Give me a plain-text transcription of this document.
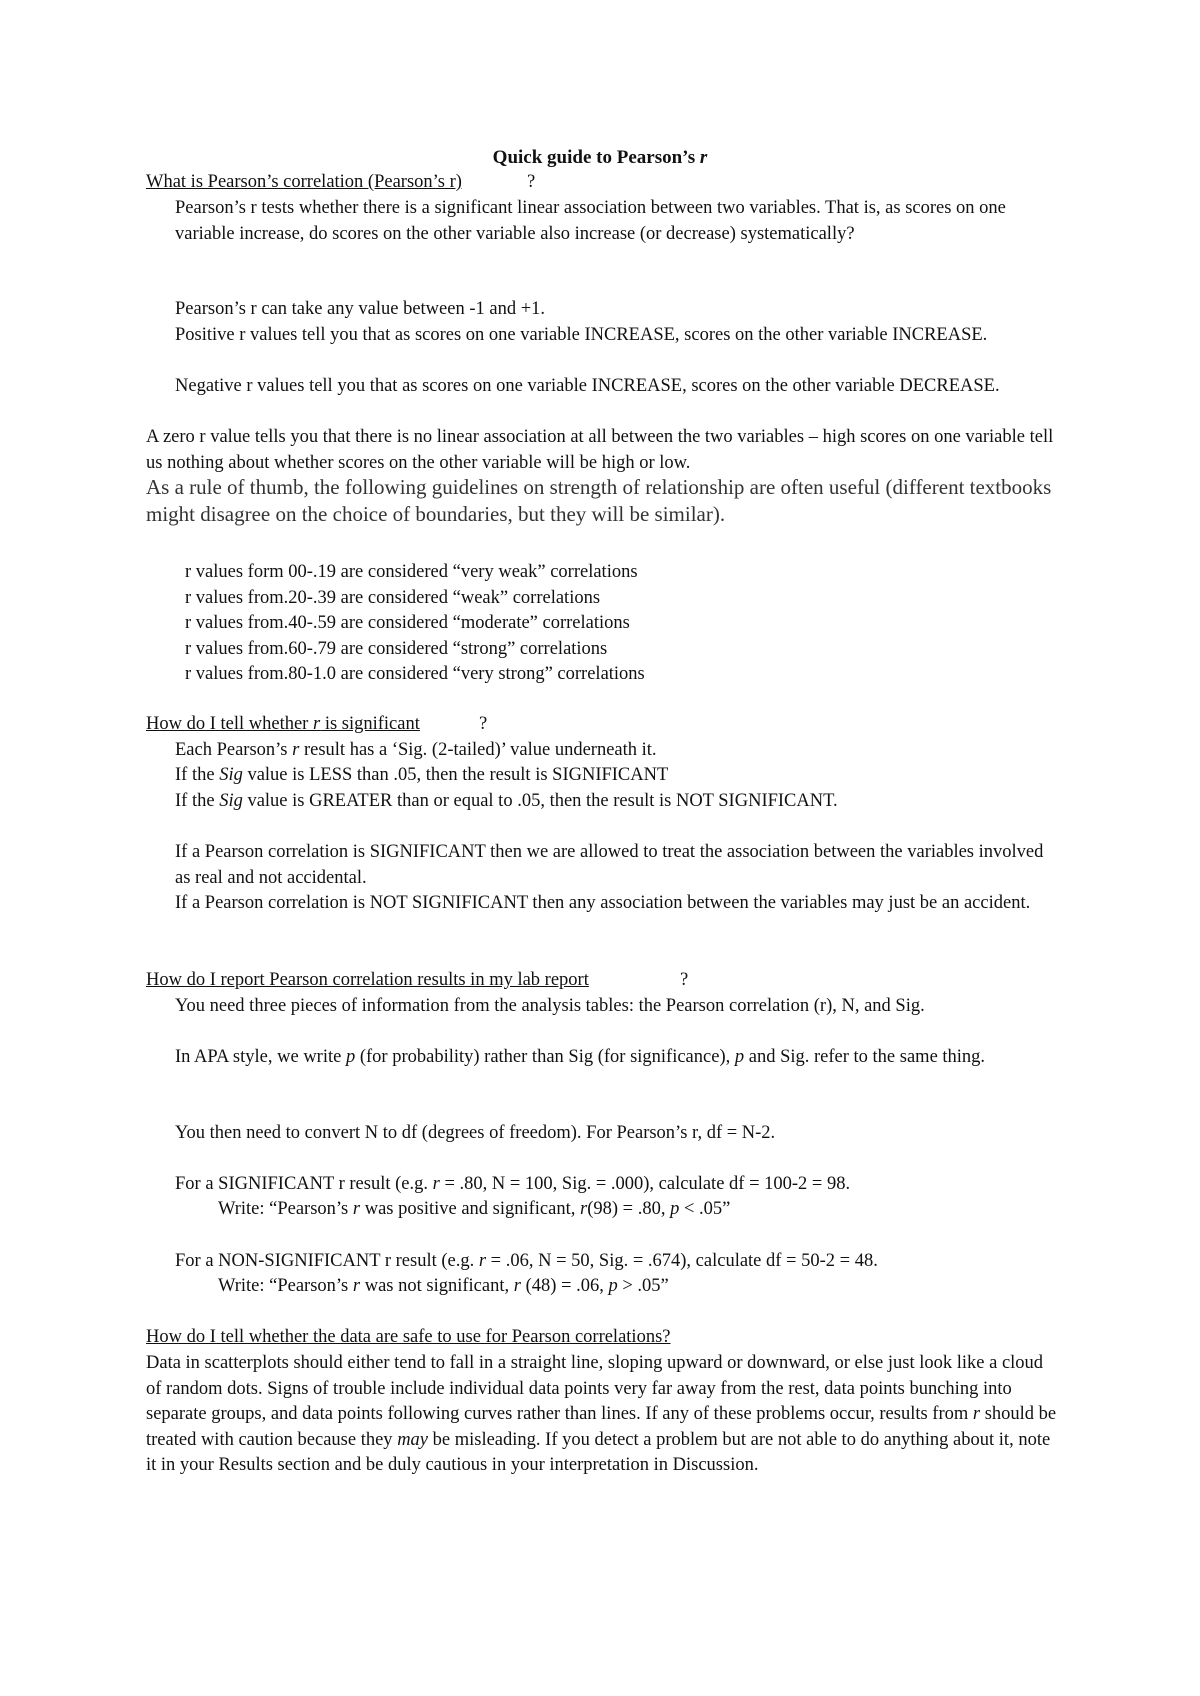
Quick guide to Pearson’s r
What is Pearson’s correlation (Pearson’s r)	?

Pearson’s r tests whether there is a significant linear association between two variables. That is, as scores on one variable increase, do scores on the other variable also increase (or decrease) systematically?

Pearson’s r can take any value between -1 and +1.

Positive r values tell you that as scores on one variable INCREASE, scores on the other variable INCREASE.

Negative r values tell you that as scores on one variable INCREASE, scores on the other variable DECREASE.

A zero r value tells you that there is no linear association at all between the two variables – high scores on one variable tell us nothing about whether scores on the other variable will be high or low.

As a rule of thumb, the following guidelines on strength of relationship are often useful (different textbooks might disagree on the choice of boundaries, but they will be similar).

r values form 00-.19 are considered “very weak” correlations

r values from.20-.39 are considered “weak” correlations

r values from.40-.59 are considered “moderate” correlations

r values from.60-.79 are considered “strong” correlations

r values from.80-1.0 are considered “very strong” correlations

How do I tell whether r is significant	?

Each Pearson’s r result has a ‘Sig. (2-tailed)’ value underneath it.

If the Sig value is LESS than .05, then the result is SIGNIFICANT

If the Sig value is GREATER than or equal to .05, then the result is NOT SIGNIFICANT.

If a Pearson correlation is SIGNIFICANT then we are allowed to treat the association between the variables involved as real and not accidental.

If a Pearson correlation is NOT SIGNIFICANT then any association between the variables may just be an accident.

How do I report Pearson correlation results in my lab report	?

You need three pieces of information from the analysis tables: the Pearson correlation (r), N, and Sig.

In APA style, we write p (for probability) rather than Sig (for significance), p and Sig. refer to the same thing.

You then need to convert N to df (degrees of freedom). For Pearson’s r, df = N-2.

For a SIGNIFICANT r result (e.g. r = .80, N = 100, Sig. = .000), calculate df = 100-2 = 98.

Write: “Pearson’s r was positive and significant, r(98) = .80, p < .05”

For a NON-SIGNIFICANT r result (e.g. r = .06, N = 50, Sig. = .674), calculate df = 50-2 = 48.

Write: “Pearson’s r was not significant, r (48) = .06, p > .05”

How do I tell whether the data are safe to use for Pearson correlations?

Data in scatterplots should either tend to fall in a straight line, sloping upward or downward, or else just look like a cloud of random dots. Signs of trouble include individual data points very far away from the rest, data points bunching into separate groups, and data points following curves rather than lines. If any of these problems occur, results from r should be treated with caution because they may be misleading. If you detect a problem but are not able to do anything about it, note it in your Results section and be duly cautious in your interpretation in Discussion.
